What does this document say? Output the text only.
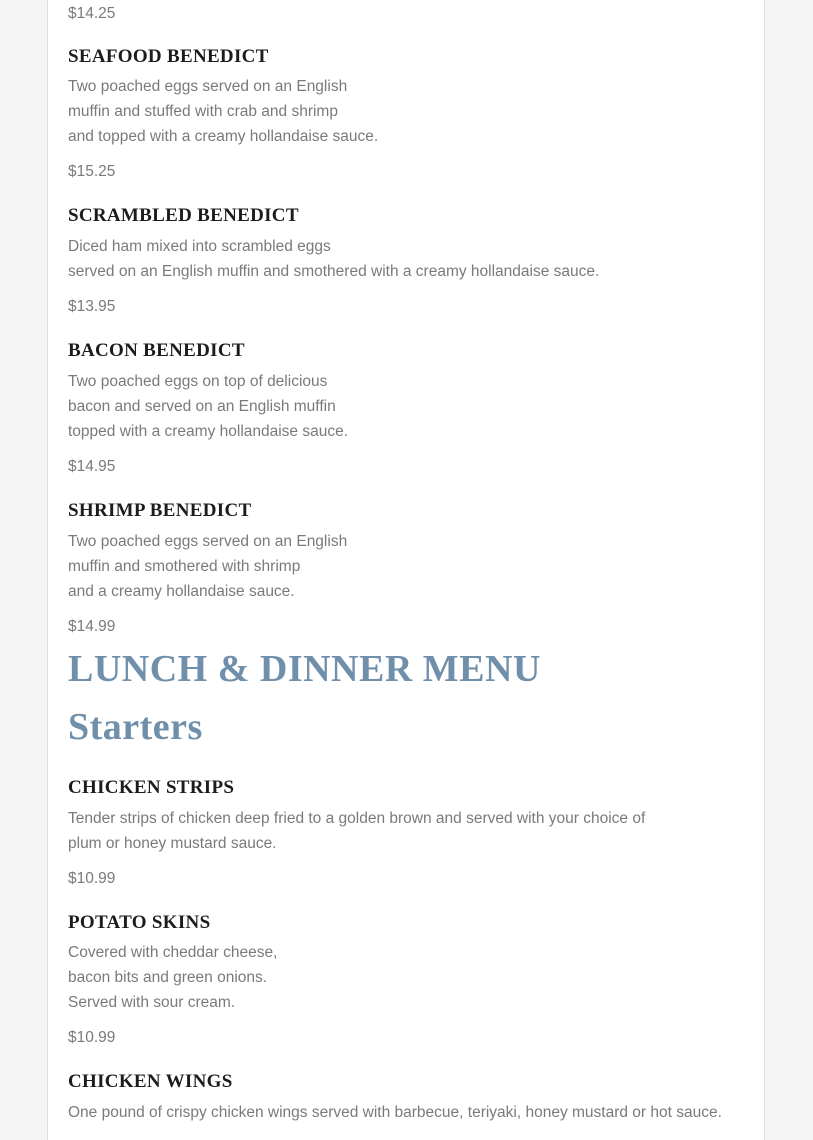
$14.25

SEAFOOD BENEDICT

Two poached eggs served on an English
muffin and stuffed with crab and shrimp
and topped with a creamy hollandaise sauce.

$15.25

SCRAMBLED BENEDICT

Diced ham mixed into scrambled eggs
served on an English muffin and smothered with a creamy hollandaise sauce.

$13.95

BACON BENEDICT

Two poached eggs on top of delicious
bacon and served on an English muffin
topped with a creamy hollandaise sauce.

$14.95

SHRIMP BENEDICT

Two poached eggs served on an English
muffin and smothered with shrimp
and a creamy hollandaise sauce.

$14.99

LUNCH & DINNER MENU
Starters
CHICKEN STRIPS

Tender strips of chicken deep fried to a golden brown and served with your choice of
plum or honey mustard sauce.

$10.99

POTATO SKINS

Covered with cheddar cheese,
bacon bits and green onions.
Served with sour cream.

$10.99

CHICKEN WINGS

One pound of crispy chicken wings served with barbecue, teriyaki, honey mustard or hot sauce.
